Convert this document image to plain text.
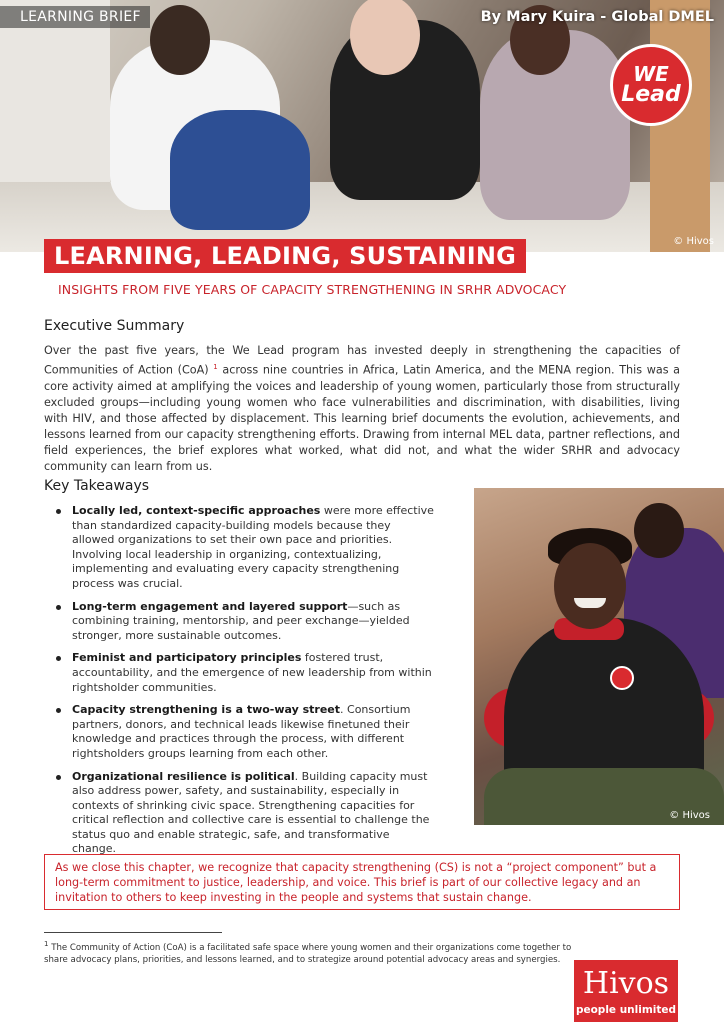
LEARNING BRIEF	By Mary Kuira - Global DMEL
WE
Lead
© Hivos
LEARNING, LEADING, SUSTAINING
INSIGHTS FROM FIVE YEARS OF CAPACITY STRENGTHENING IN SRHR ADVOCACY
Executive Summary

Over the past five years, the We Lead program has invested deeply in strengthening the capacities of Communities of Action (CoA) $^1$ across nine countries in Africa, Latin America, and the MENA region. This was a core activity aimed at amplifying the voices and leadership of young women, particularly those from structurally excluded groups—including young women who face vulnerabilities and discrimination, with disabilities, living with HIV, and those affected by displacement. This learning brief documents the evolution, achievements, and lessons learned from our capacity strengthening efforts. Drawing from internal MEL data, partner reflections, and field experiences, the brief explores what worked, what did not, and what the wider SRHR and advocacy community can learn from us.

Key Takeaways
Locally led, context-specific approaches were more effective than standardized capacity-building models because they allowed organizations to set their own pace and priorities. Involving local leadership in organizing, contextualizing, implementing and evaluating every capacity strengthening process was crucial.
Long-term engagement and layered support—such as combining training, mentorship, and peer exchange—yielded stronger, more sustainable outcomes.
Feminist and participatory principles fostered trust, accountability, and the emergence of new leadership from within rightsholder communities.
Capacity strengthening is a two-way street. Consortium partners, donors, and technical leads likewise finetuned their knowledge and practices through the process, with different rightsholders groups learning from each other.
Organizational resilience is political. Building capacity must also address power, safety, and sustainability, especially in contexts of shrinking civic space. Strengthening capacities for critical reflection and collective care is essential to challenge the status quo and enable strategic, safe, and transformative change.
© Hivos
As we close this chapter, we recognize that capacity strengthening (CS) is not a “project component” but a long-term commitment to justice, leadership, and voice. This brief is part of our collective legacy and an invitation to others to keep investing in the people and systems that sustain change.

$^1$ The Community of Action (CoA) is a facilitated safe space where young women and their organizations come together to share advocacy plans, priorities, and lessons learned, and to strategize around potential advocacy areas and synergies.

Hivos
people unlimited
